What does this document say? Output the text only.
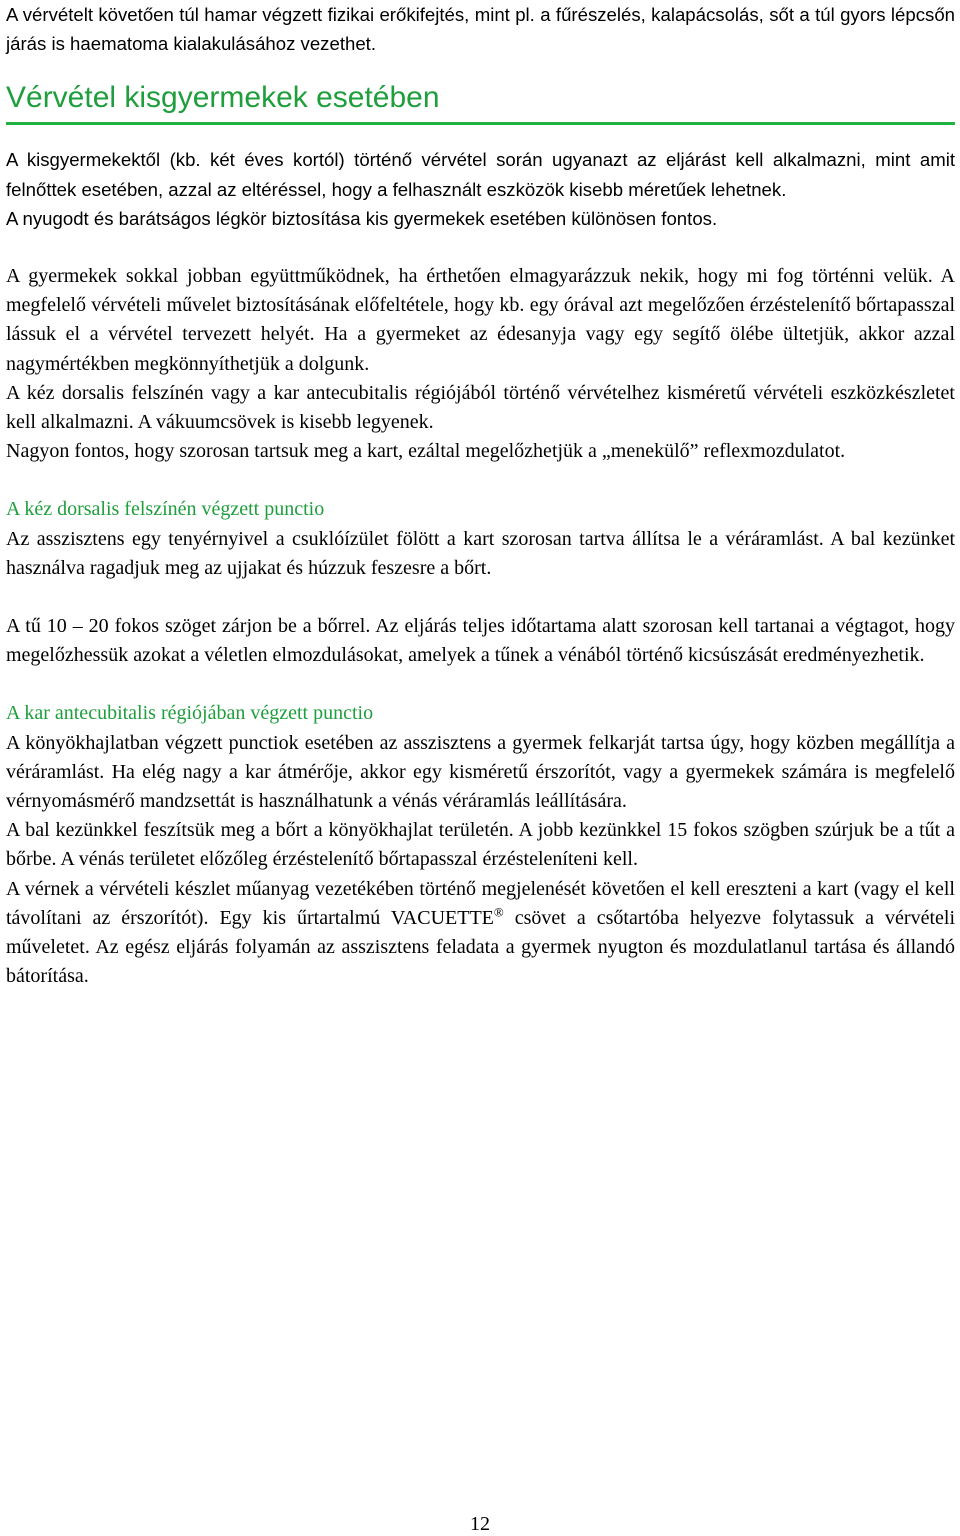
A vérvételt követően túl hamar végzett fizikai erőkifejtés, mint pl. a fűrészelés, kalapácsolás, sőt a túl gyors lépcsőn járás is haematoma kialakulásához vezethet.

Vérvétel kisgyermekek esetében

A kisgyermekektől (kb. két éves kortól) történő vérvétel során ugyanazt az eljárást kell alkalmazni, mint amit felnőttek esetében, azzal az eltéréssel, hogy a felhasznált eszközök kisebb méretűek lehetnek.

A nyugodt és barátságos légkör biztosítása kis gyermekek esetében különösen fontos.

A gyermekek sokkal jobban együttműködnek, ha érthetően elmagyarázzuk nekik, hogy mi fog történni velük. A megfelelő vérvételi művelet biztosításának előfeltétele, hogy kb. egy órával azt megelőzően érzéstelenítő bőrtapasszal lássuk el a vérvétel tervezett helyét. Ha a gyermeket az édesanyja vagy egy segítő ölébe ültetjük, akkor azzal nagymértékben megkönnyíthetjük a dolgunk.

A kéz dorsalis felszínén vagy a kar antecubitalis régiójából történő vérvételhez kisméretű vérvételi eszközkészletet kell alkalmazni. A vákuumcsövek is kisebb legyenek.

Nagyon fontos, hogy szorosan tartsuk meg a kart, ezáltal megelőzhetjük a „menekülő” reflexmozdulatot.

A kéz dorsalis felszínén végzett punctio

Az asszisztens egy tenyérnyivel a csuklóízület fölött a kart szorosan tartva állítsa le a véráramlást. A bal kezünket használva ragadjuk meg az ujjakat és húzzuk feszesre a bőrt.

A tű 10 – 20 fokos szöget zárjon be a bőrrel. Az eljárás teljes időtartama alatt szorosan kell tartanai a végtagot, hogy megelőzhessük azokat a véletlen elmozdulásokat, amelyek a tűnek a vénából történő kicsúszását eredményezhetik.

A kar antecubitalis régiójában végzett punctio

A könyökhajlatban végzett punctiok esetében az asszisztens a gyermek felkarját tartsa úgy, hogy közben megállítja a véráramlást. Ha elég nagy a kar átmérője, akkor egy kisméretű érszorítót, vagy a gyermekek számára is megfelelő vérnyomásmérő mandzsettát is használhatunk a vénás véráramlás leállítására.

A bal kezünkkel feszítsük meg a bőrt a könyökhajlat területén. A jobb kezünkkel 15 fokos szögben szúrjuk be a tűt a bőrbe. A vénás területet előzőleg érzéstelenítő bőrtapasszal érzésteleníteni kell.

A vérnek a vérvételi készlet műanyag vezetékében történő megjelenését követően el kell ereszteni a kart (vagy el kell távolítani az érszorítót). Egy kis űrtartalmú VACUETTE® csövet a csőtartóba helyezve folytassuk a vérvételi műveletet. Az egész eljárás folyamán az asszisztens feladata a gyermek nyugton és mozdulatlanul tartása és állandó bátorítása.

12
